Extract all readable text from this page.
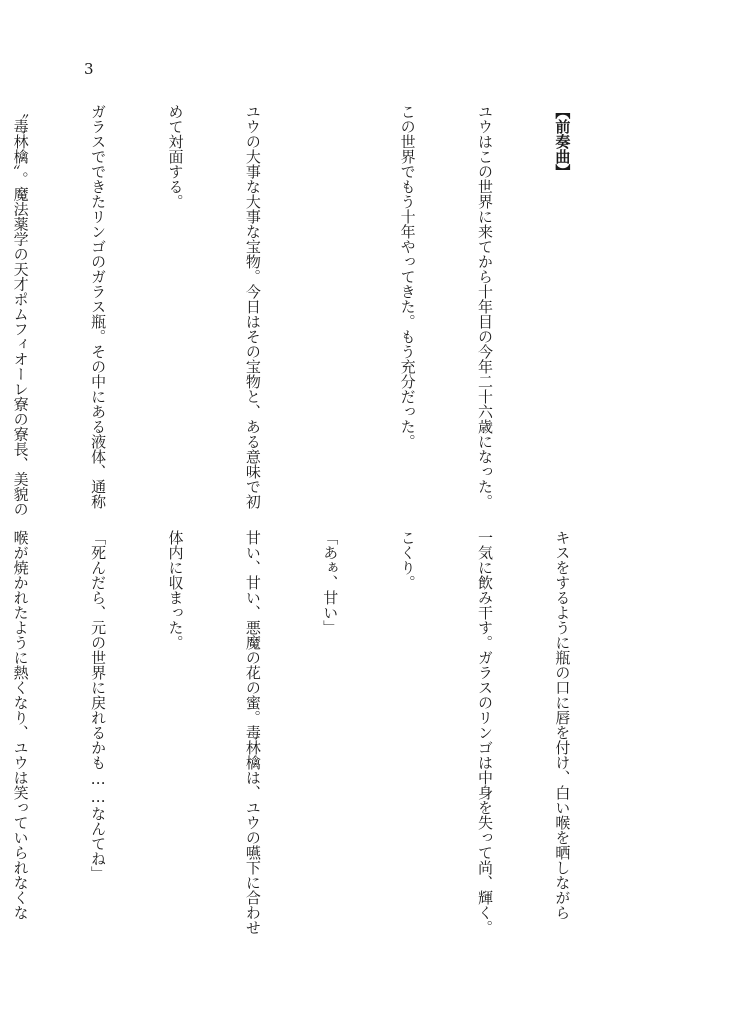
3

【前奏曲】

ユウはこの世界に来てから十年目の今年二十六歳になった。

この世界でもう十年やってきた。もう充分だった。

ユウの大事な大事な宝物。今日はその宝物と、ある意味で初

めて対面する。

ガラスでできたリンゴのガラス瓶。その中にある液体、通称

〝毒林檎〟。魔法薬学の天才ポムフィオーレ寮の寮長、美貌の

キスをするように瓶の口に唇を付け、白い喉を晒しながら

一気に飲み干す。ガラスのリンゴは中身を失って尚、輝く。

こくり。

「あぁ、甘い」

甘い、甘い、悪魔の花の蜜。毒林檎は、ユウの嚥下に合わせ

体内に収まった。

「死んだら、元の世界に戻れるかも……なんてね」

喉が焼かれたように熱くなり、ユウは笑っていられなくな
